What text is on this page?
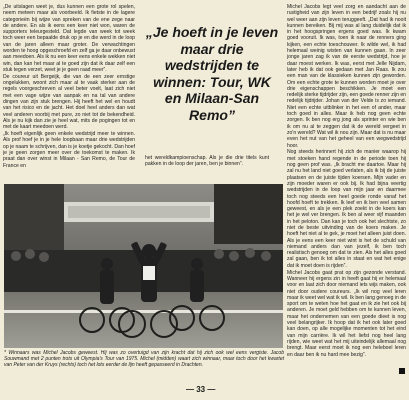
„De uitslagen weet je, dus kunnen een grote rol spelen, neem meteen maar als voorbeeld. Ik fietste in de lagere categorieën bij wijze van spreken van de ene zege naar de andere. En als ik eens een keer niet won, waren de supporters teleurgesteld. Dat legde van week tot week toch weer een bepaalde druk op je en die werd in de loop van de jaren alleen maar groter. De verwachtingen worden te hoog opgeschroefd en zelf ga je daar onbewust aan meedoen. Als ik nu een keer eens enkele wekken niet win, dan kan het maar al te goed zijn dat ik daar zelf een stuk tegen verzet, weet je je geen raad meer”.

De coureur uit Bergeijk, die van de een zeer ernstige ongelukken, woont zich maar al te vaak sterker aan de regels voorgeschreven al veel beter voelt, laat zich niet met een vage wijze van aanpak en na tal van andere dingen van zijn stuk brengen. Hij heeft het wel en houdt van het risico en de jacht. Het doel heel anders dan wat veel anderen voorbij met pure, zo niet tot de bekendheid. Als je nu kijk dan zie je heel wat, mits de pogingen tot en met de kaart meedoen werd.

„Ik hoeft eigenlijk geen enkele wedstrijd meer te winnen. Als prof hoef je in je hele loopbaan maar drie wedstrijden op je naam te schrijven, dan is je koetje gekocht. Dan hoef je je geen zorgen meer over de toekomst te maken. Ik praat dan over winst in Milaan - San Remo, de Tour de France en

„Je hoeft in je leven maar drie wedstrijden te winnen: Tour, WK en Milaan-San Remo”

het wereldkampioenschap. Als je die drie titels kunt pakken in de loop der jaren, ben je binnen”.

Michel Jacobs legt veel zorg en aandacht aan de rustigheid van zijn leven in een bedrijf zoals hij nu wel weer aan zijn leven teruggeeft. „Dat had ik nooit kunnen bereiken. Bij mij was al lang duidelijk dat ik in het hoogspringen ergens goed was. Ik kwam goed vooruit. Ik was, toen ik naar de renners ging kijken, een echte toeschouwer. Ik wilde wel, ik had helemaal weinig wisten van kunnen gaan. In zeer jonge jaren zag ik van de eerste wedstrijd, hoe je daar moest werken. Ik was, eerst met Jelle Nijdam, later heb ik dat ook gedaan met Jan Raas. Ik zou een man van de klassieken kunnen zijn geworden. Om een echte grote te kunnen worden moet je over drie eigenschappen beschikken. Je moet een redelijk sterke tijdrijder zijn, een goede renner zijn en redelijk tijdrijder. Johan van der Velde is zo iemand. Niet een echte uitblinker in het een of ander, maar toch goed in alles. Maar ik heb nog geen echte zorgen. Ik ben nog erg jong als sprinter en wie ben ik om nu al te zeggen dat ik de wereld vergeet in zo'n wereld? Wat wil ik nou zijn. Maar dat is nu maar even het nut van het geheel van een wegwedstrijd hoor.

Nog steeds herinnert hij zich de manier waarop hij met stoeken hand regende in de periode toen hij nog geen prof was. „Ik bracht me daartoe. Maar hij zal nu het land niet goed verlaten, als ik bij de juiste plaatsen en de juiste tijden koersen. Mijn vader en zijn moeder waren er ook bij. Ik had bijna veertig wedstrijden in de loop van mijn jaar en daarmee toch nog steeds een heel goede ronde vanaf het hoofd hoeft te trekken. Ik leef en ik ben veel samen geweest, en als je een plek zoekt in de koers kan het je wel ver brengen. Ik ben al weer vijf maanden in het peloton. Dan kan je toch ook het slechtste, zo niet de beste uitvinding van de koers maken. Je hoeft het niet al te gek, je moet het alleen juist doen. Als je eens een keer niet wint is het de schuld van niemand anders dan van jezelf, ik ben toch realistisch genoeg om dat te zien. Als het alles goed zal gaan, ben ik tot alles in staat en wat het enige dat ik moet doen is rijden”.

Michel Jacobs gaat prat op zijn gezonde verstand. Wanneer hij ergens zin in heeft gaat hij er helemaal voor en laat zich door niemand iets wijs maken, ook niet door oudere coureurs. „Ik wil nog veel leren maar ik weet wel wat ik wil. Ik ben lang genoeg in de sport om te weten hoe het gaat en ik zie het ook bij anderen. Je moet geld hebben om te kunnen leven, maar het ondernemen van een goede dieet is nog veel belangrijker. Ik hoop dat ik het ook later goed kan doen, op alle mogelijke momenten tot het eind van mijn carrière. Ik wil het liefst nog heel lang rijden, wie weet wat het mij uiteindelijk allemaal nog brengt. Maar eerst moet ik nog een heleboel leren en daar ben ik nu hard mee bezig”.

* Winnaars was Michel Jacobs geweest. Hij was zo overtuigd van zijn kracht dat hij zich ook wel eens vergiste. Jacob Souwmand met 2 punten trots uit Olympia's Tour van 1975. Michel (midden) waart zich winnaar, maar toch door het kwartet van Peter van der Kruys (rechts) toch het lots eerder de lijn heeft gepasseerd in Drachten.

— 33 —
